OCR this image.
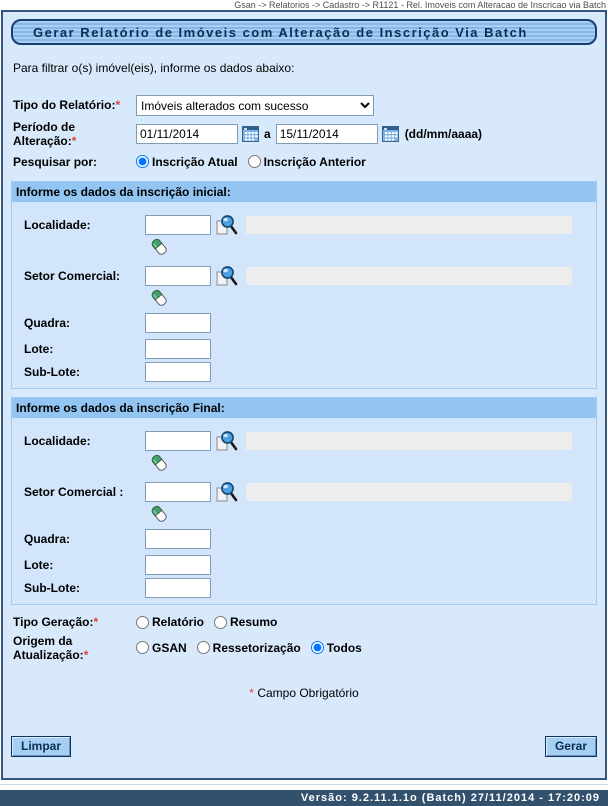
Gsan -> Relatorios -> Cadastro -> R1121 - Rel. Imoveis com Alteracao de Inscricao via Batch
Gerar Relatório de Imóveis com Alteração de Inscrição Via Batch
Para filtrar o(s) imóvel(eis), informe os dados abaixo:
Tipo do Relatório:*
Imóveis alterados com sucesso
Período de Alteração:*
01/11/2014	a
15/11/2014	(dd/mm/aaaa)
Pesquisar por:	Inscrição Atual Inscrição Anterior
Informe os dados da inscrição inicial:
Localidade:
Setor Comercial:
Quadra:
Lote:
Sub-Lote:
Informe os dados da inscrição Final:
Localidade:
Setor Comercial :
Quadra:
Lote:
Sub-Lote:
Tipo Geração:*	Relatório Resumo
Origem da Atualização:*	GSAN Ressetorização Todos
* Campo Obrigatório
Limpar	Gerar
Versão: 9.2.11.1.1o (Batch) 27/11/2014 - 17:20:09
